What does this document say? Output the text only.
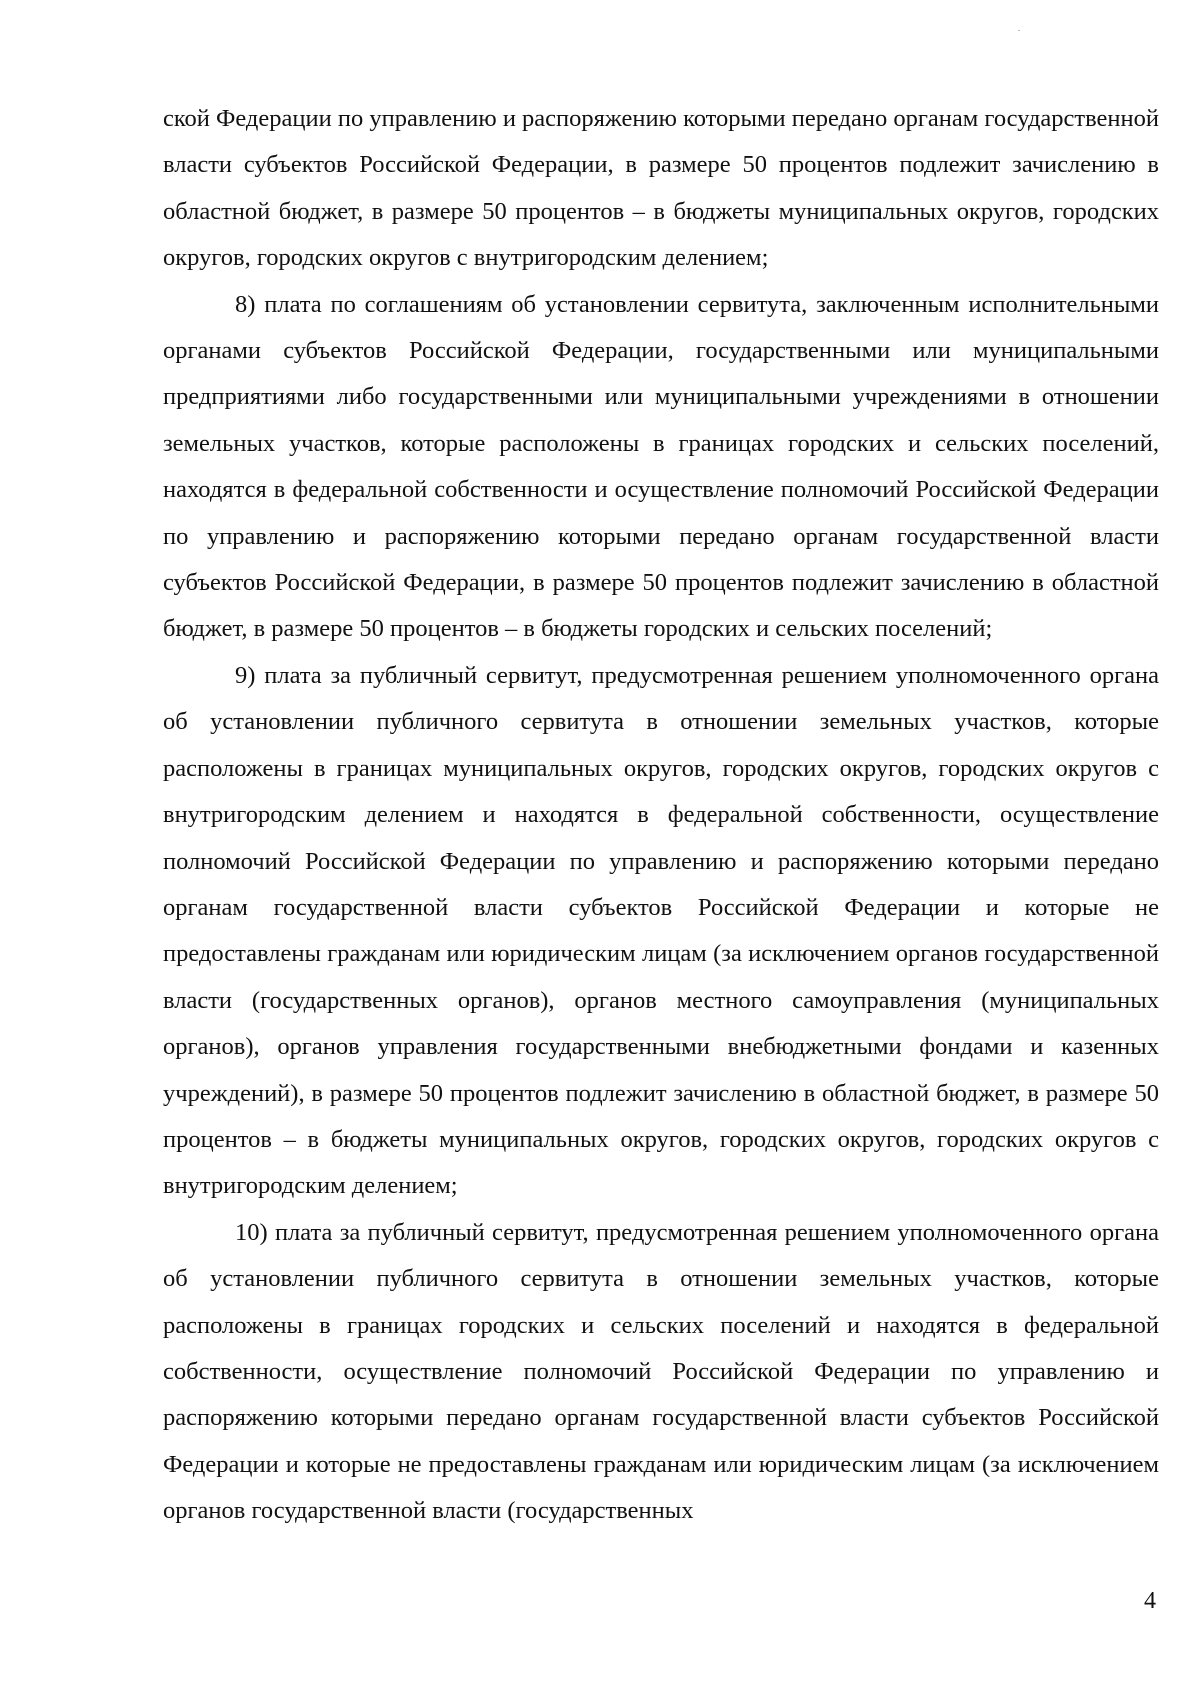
ской Федерации по управлению и распоряжению которыми передано органам государственной власти субъектов Российской Федерации, в размере 50 процентов подлежит зачислению в областной бюджет, в размере 50 процентов – в бюджеты муниципальных округов, городских округов, городских округов с внутригородским делением;

8) плата по соглашениям об установлении сервитута, заключенным исполнительными органами субъектов Российской Федерации, государственными или муниципальными предприятиями либо государственными или муниципальными учреждениями в отношении земельных участков, которые расположены в границах городских и сельских поселений, находятся в федеральной собственности и осуществление полномочий Российской Федерации по управлению и распоряжению которыми передано органам государственной власти субъектов Российской Федерации, в размере 50 процентов подлежит зачислению в областной бюджет, в размере 50 процентов – в бюджеты городских и сельских поселений;

9) плата за публичный сервитут, предусмотренная решением уполномоченного органа об установлении публичного сервитута в отношении земельных участков, которые расположены в границах муниципальных округов, городских округов, городских округов с внутригородским делением и находятся в федеральной собственности, осуществление полномочий Российской Федерации по управлению и распоряжению которыми передано органам государственной власти субъектов Российской Федерации и которые не предоставлены гражданам или юридическим лицам (за исключением органов государственной власти (государственных органов), органов местного самоуправления (муниципальных органов), органов управления государственными внебюджетными фондами и казенных учреждений), в размере 50 процентов подлежит зачислению в областной бюджет, в размере 50 процентов – в бюджеты муниципальных округов, городских округов, городских округов с внутригородским делением;

10) плата за публичный сервитут, предусмотренная решением уполномоченного органа об установлении публичного сервитута в отношении земельных участков, которые расположены в границах городских и сельских поселений и находятся в федеральной собственности, осуществление полномочий Российской Федерации по управлению и распоряжению которыми передано органам государственной власти субъектов Российской Федерации и которые не предоставлены гражданам или юридическим лицам (за исключением органов государственной власти (государственных

4
